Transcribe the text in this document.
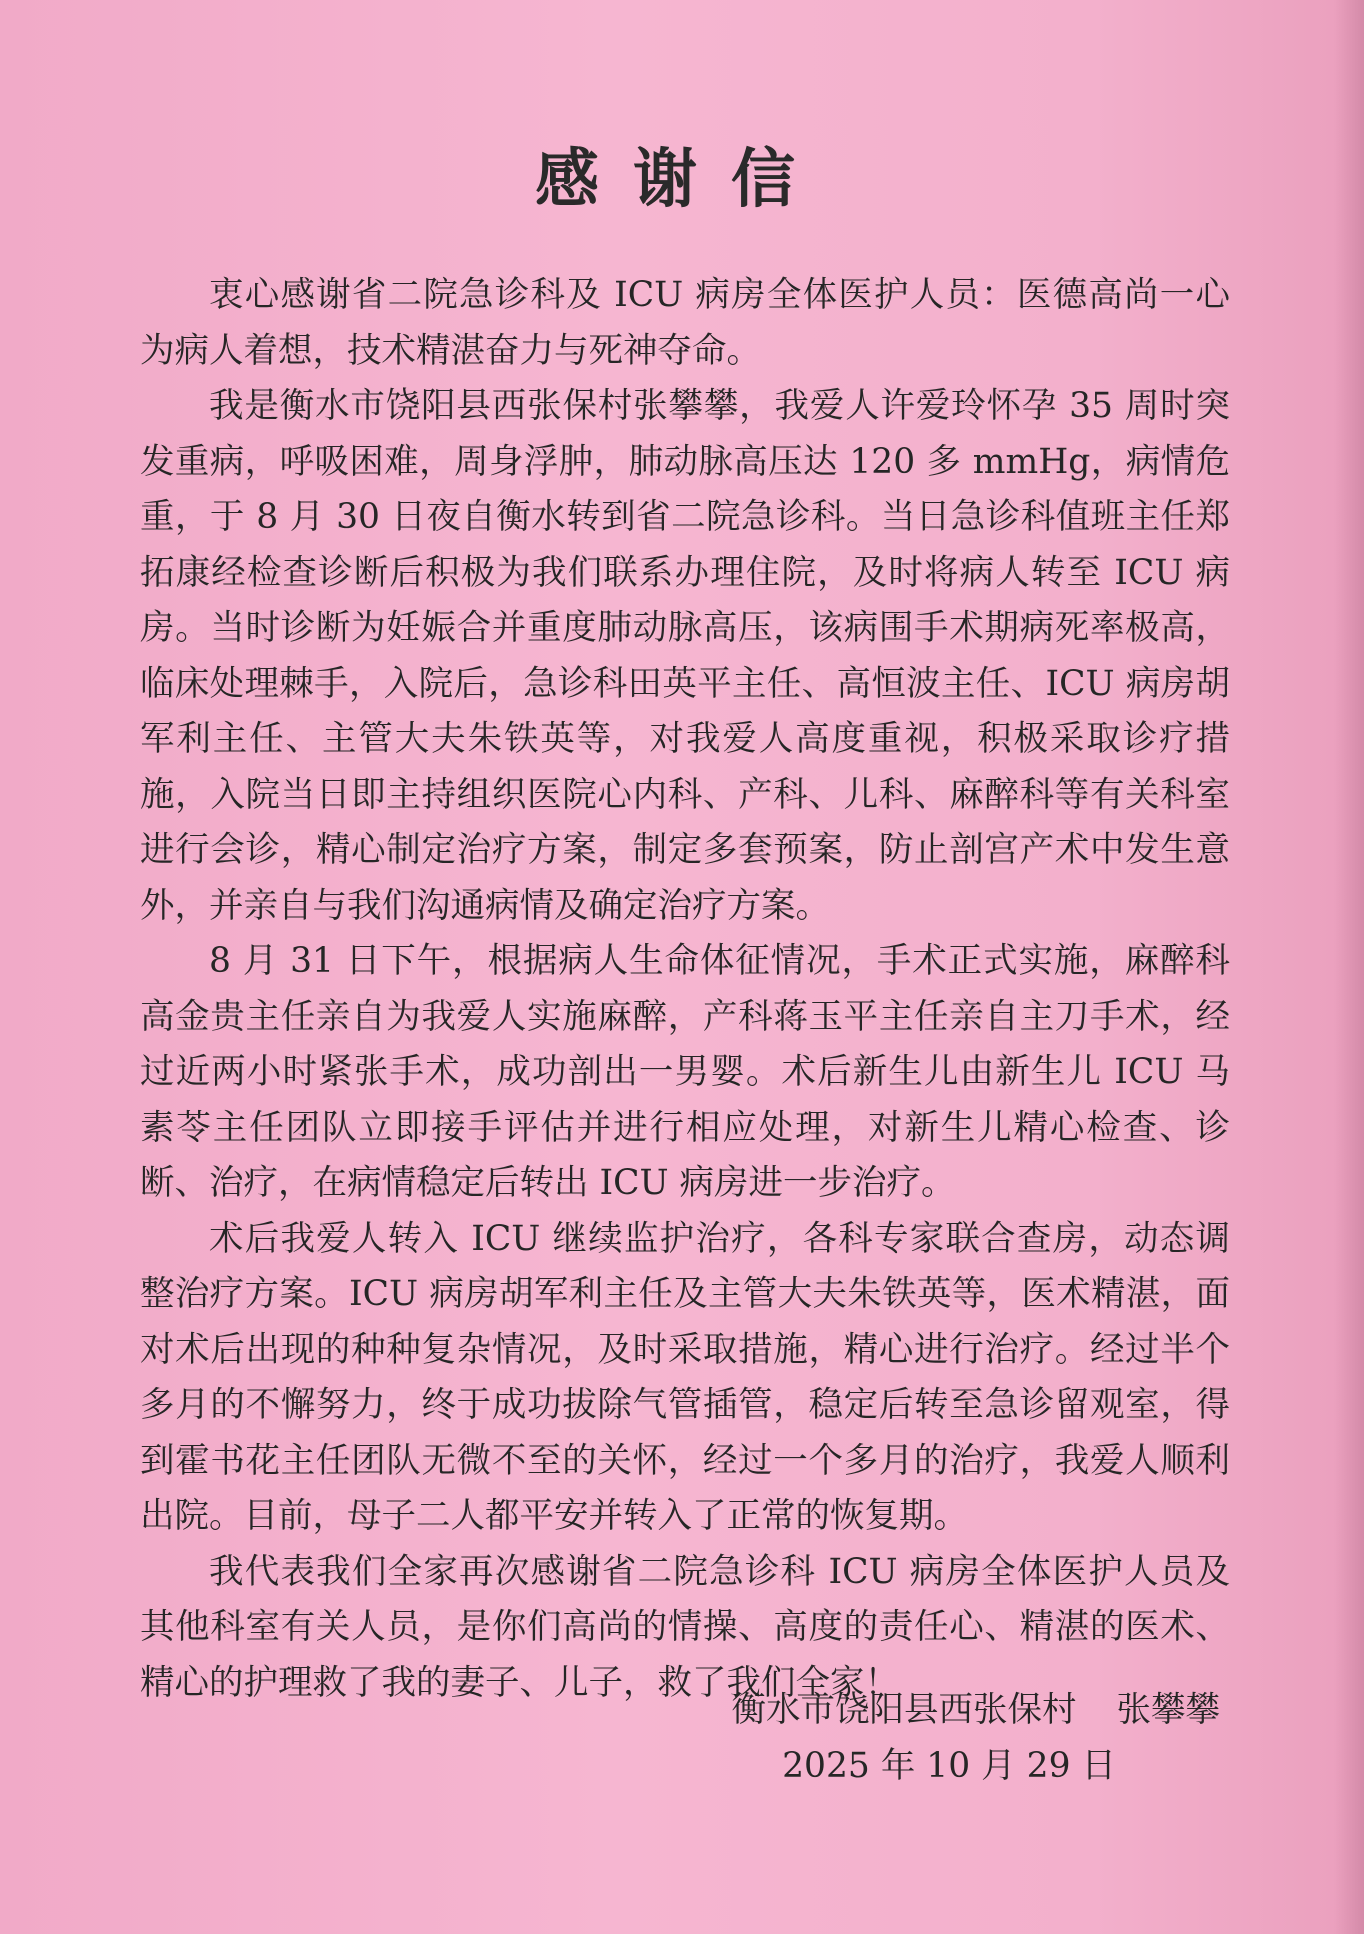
感谢信

衷心感谢省二院急诊科及 ICU 病房全体医护人员：医德高尚一心为病人着想，技术精湛奋力与死神夺命。

我是衡水市饶阳县西张保村张攀攀，我爱人许爱玲怀孕 35 周时突发重病，呼吸困难，周身浮肿，肺动脉高压达 120 多 mmHg，病情危重，于 8 月 30 日夜自衡水转到省二院急诊科。当日急诊科值班主任郑拓康经检查诊断后积极为我们联系办理住院，及时将病人转至 ICU 病房。当时诊断为妊娠合并重度肺动脉高压，该病围手术期病死率极高，临床处理棘手，入院后，急诊科田英平主任、高恒波主任、ICU 病房胡军利主任、主管大夫朱铁英等，对我爱人高度重视，积极采取诊疗措施，入院当日即主持组织医院心内科、产科、儿科、麻醉科等有关科室进行会诊，精心制定治疗方案，制定多套预案，防止剖宫产术中发生意外，并亲自与我们沟通病情及确定治疗方案。

8 月 31 日下午，根据病人生命体征情况，手术正式实施，麻醉科高金贵主任亲自为我爱人实施麻醉，产科蒋玉平主任亲自主刀手术，经过近两小时紧张手术，成功剖出一男婴。术后新生儿由新生儿 ICU 马素苓主任团队立即接手评估并进行相应处理，对新生儿精心检查、诊断、治疗，在病情稳定后转出 ICU 病房进一步治疗。

术后我爱人转入 ICU 继续监护治疗，各科专家联合查房，动态调整治疗方案。ICU 病房胡军利主任及主管大夫朱铁英等，医术精湛，面对术后出现的种种复杂情况，及时采取措施，精心进行治疗。经过半个多月的不懈努力，终于成功拔除气管插管，稳定后转至急诊留观室，得到霍书花主任团队无微不至的关怀，经过一个多月的治疗，我爱人顺利出院。目前，母子二人都平安并转入了正常的恢复期。

我代表我们全家再次感谢省二院急诊科 ICU 病房全体医护人员及其他科室有关人员，是你们高尚的情操、高度的责任心、精湛的医术、精心的护理救了我的妻子、儿子，救了我们全家！

衡水市饶阳县西张保村 张攀攀
2025 年 10 月 29 日
